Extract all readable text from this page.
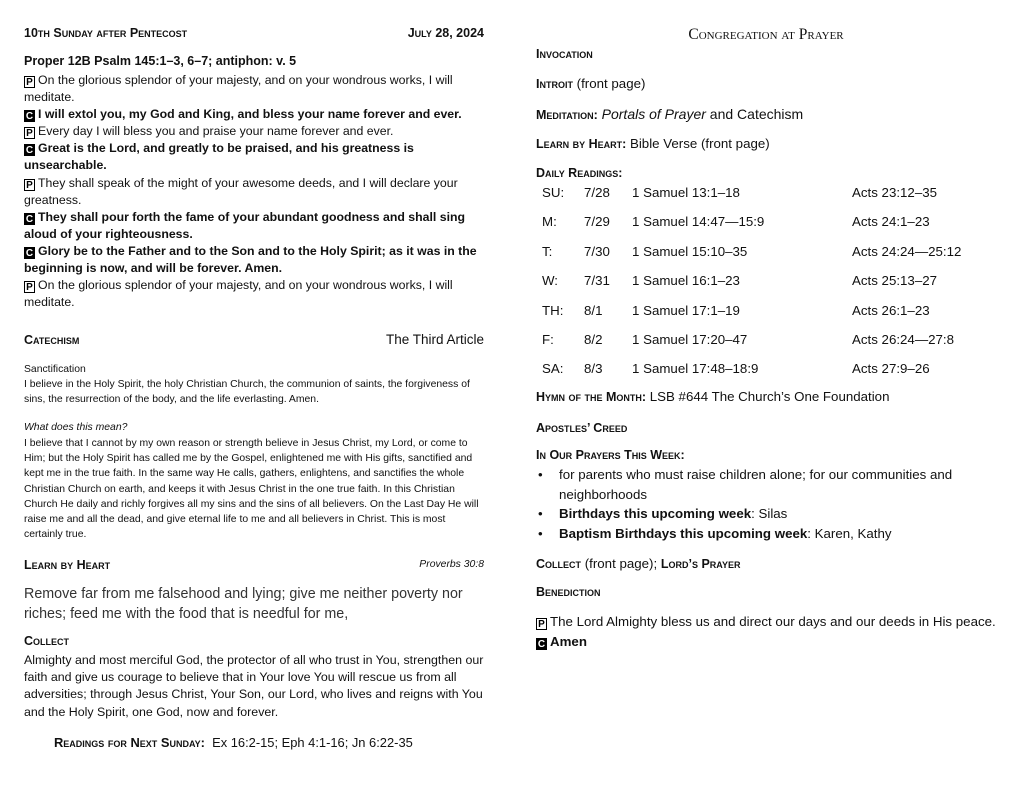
10th Sunday after Pentecost	July 28, 2024
Proper 12B Psalm 145:1–3, 6–7; antiphon: v. 5

P On the glorious splendor of your majesty, and on your wondrous works, I will meditate.

C I will extol you, my God and King, and bless your name forever and ever.

P Every day I will bless you and praise your name forever and ever.

C Great is the Lord, and greatly to be praised, and his greatness is unsearchable.

P They shall speak of the might of your awesome deeds, and I will declare your greatness.

C They shall pour forth the fame of your abundant goodness and shall sing aloud of your righteousness.

C Glory be to the Father and to the Son and to the Holy Spirit; as it was in the beginning is now, and will be forever. Amen.

P On the glorious splendor of your majesty, and on your wondrous works, I will meditate.

Catechism	The Third Article
Sanctification
I believe in the Holy Spirit, the holy Christian Church, the communion of saints, the forgiveness of sins, the resurrection of the body, and the life everlasting. Amen.
What does this mean?
I believe that I cannot by my own reason or strength believe in Jesus Christ, my Lord, or come to Him; but the Holy Spirit has called me by the Gospel, enlightened me with His gifts, sanctified and kept me in the true faith. In the same way He calls, gathers, enlightens, and sanctifies the whole Christian Church on earth, and keeps it with Jesus Christ in the one true faith. In this Christian Church He daily and richly forgives all my sins and the sins of all believers. On the Last Day He will raise me and all the dead, and give eternal life to me and all believers in Christ. This is most certainly true.
Learn by Heart	Proverbs 30:8
Remove far from me falsehood and lying; give me neither poverty nor riches; feed me with the food that is needful for me,
Collect
Almighty and most merciful God, the protector of all who trust in You, strengthen our faith and give us courage to believe that in Your love You will rescue us from all adversities; through Jesus Christ, Your Son, our Lord, who lives and reigns with You and the Holy Spirit, one God, now and forever.
Readings for Next Sunday: Ex 16:2-15; Eph 4:1-16; Jn 6:22-35
Congregation at Prayer
Invocation
Introit (front page)
Meditation: Portals of Prayer and Catechism
Learn by Heart: Bible Verse (front page)
Daily Readings:
SU: 7/28 1 Samuel 13:1–18	Acts 23:12–35
M: 7/29 1 Samuel 14:47—15:9	Acts 24:1–23
T: 7/30 1 Samuel 15:10–35	Acts 24:24—25:12
W: 7/31 1 Samuel 16:1–23	Acts 25:13–27
TH: 8/1 1 Samuel 17:1–19	Acts 26:1–23
F: 8/2 1 Samuel 17:20–47	Acts 26:24—27:8
SA: 8/3 1 Samuel 17:48–18:9	Acts 27:9–26
Hymn of the Month: LSB #644 The Church’s One Foundation
Apostles’ Creed
In Our Prayers This Week:
• for parents who must raise children alone; for our communities and neighborhoods
• Birthdays this upcoming week: Silas
• Baptism Birthdays this upcoming week: Karen, Kathy
Collect (front page); Lord’s Prayer
Benediction
P The Lord Almighty bless us and direct our days and our deeds in His peace.
C Amen
